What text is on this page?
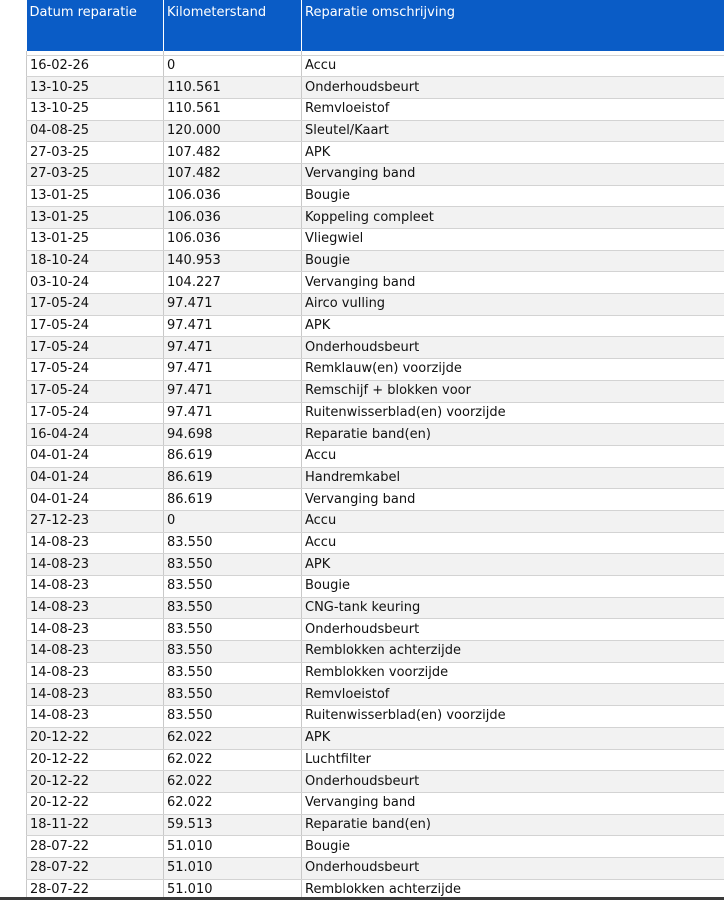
Datum reparatie	Kilometerstand	Reparatie omschrijving

16-02-26	0	Accu
13-10-25	110.561	Onderhoudsbeurt
13-10-25	110.561	Remvloeistof
04-08-25	120.000	Sleutel/Kaart
27-03-25	107.482	APK
27-03-25	107.482	Vervanging band
13-01-25	106.036	Bougie
13-01-25	106.036	Koppeling compleet
13-01-25	106.036	Vliegwiel
18-10-24	140.953	Bougie
03-10-24	104.227	Vervanging band
17-05-24	97.471	Airco vulling
17-05-24	97.471	APK
17-05-24	97.471	Onderhoudsbeurt
17-05-24	97.471	Remklauw(en) voorzijde
17-05-24	97.471	Remschijf + blokken voor
17-05-24	97.471	Ruitenwisserblad(en) voorzijde
16-04-24	94.698	Reparatie band(en)
04-01-24	86.619	Accu
04-01-24	86.619	Handremkabel
04-01-24	86.619	Vervanging band
27-12-23	0	Accu
14-08-23	83.550	Accu
14-08-23	83.550	APK
14-08-23	83.550	Bougie
14-08-23	83.550	CNG-tank keuring
14-08-23	83.550	Onderhoudsbeurt
14-08-23	83.550	Remblokken achterzijde
14-08-23	83.550	Remblokken voorzijde
14-08-23	83.550	Remvloeistof
14-08-23	83.550	Ruitenwisserblad(en) voorzijde
20-12-22	62.022	APK
20-12-22	62.022	Luchtfilter
20-12-22	62.022	Onderhoudsbeurt
20-12-22	62.022	Vervanging band
18-11-22	59.513	Reparatie band(en)
28-07-22	51.010	Bougie
28-07-22	51.010	Onderhoudsbeurt
28-07-22	51.010	Remblokken achterzijde
